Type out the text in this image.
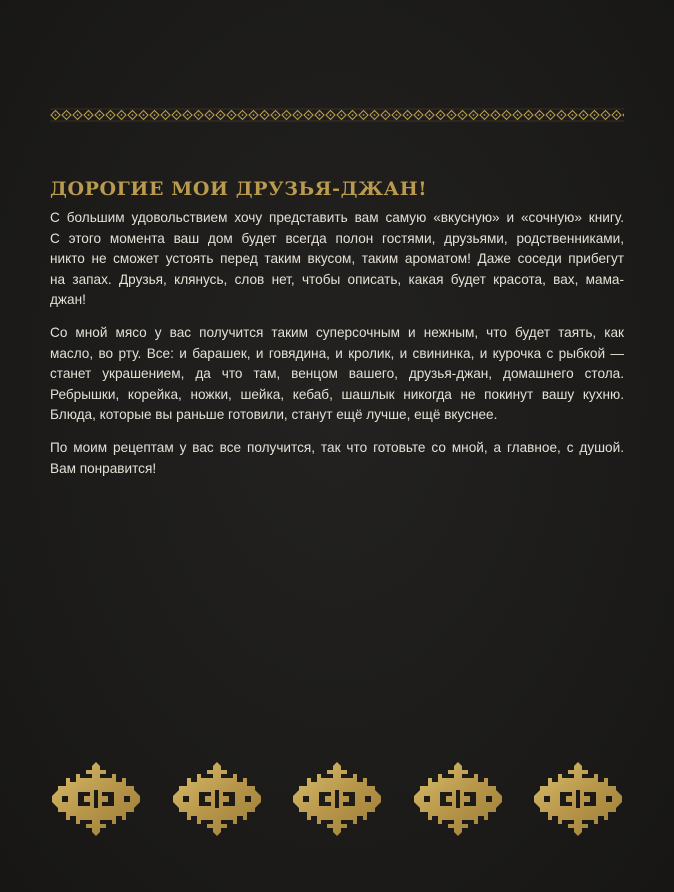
ДОРОГИЕ МОИ ДРУЗЬЯ-ДЖАН!

С большим удовольствием хочу представить вам самую «вкусную» и «сочную» книгу.
С этого момента ваш дом будет всегда полон гостями, друзьями, родственниками,
никто не сможет устоять перед таким вкусом, таким ароматом! Даже соседи прибегут
на запах. Друзья, клянусь, слов нет, чтобы описать, какая будет красота, вах, мама-
джан!

Со мной мясо у вас получится таким суперсочным и нежным, что будет таять, как
масло, во рту. Все: и барашек, и говядина, и кролик, и свининка, и курочка с рыбкой —
станет украшением, да что там, венцом вашего, друзья-джан, домашнего стола.
Ребрышки, корейка, ножки, шейка, кебаб, шашлык никогда не покинут вашу кухню.
Блюда, которые вы раньше готовили, станут ещё лучше, ещё вкуснее.

По моим рецептам у вас все получится, так что готовьте со мной, а главное, с душой.
Вам понравится!
